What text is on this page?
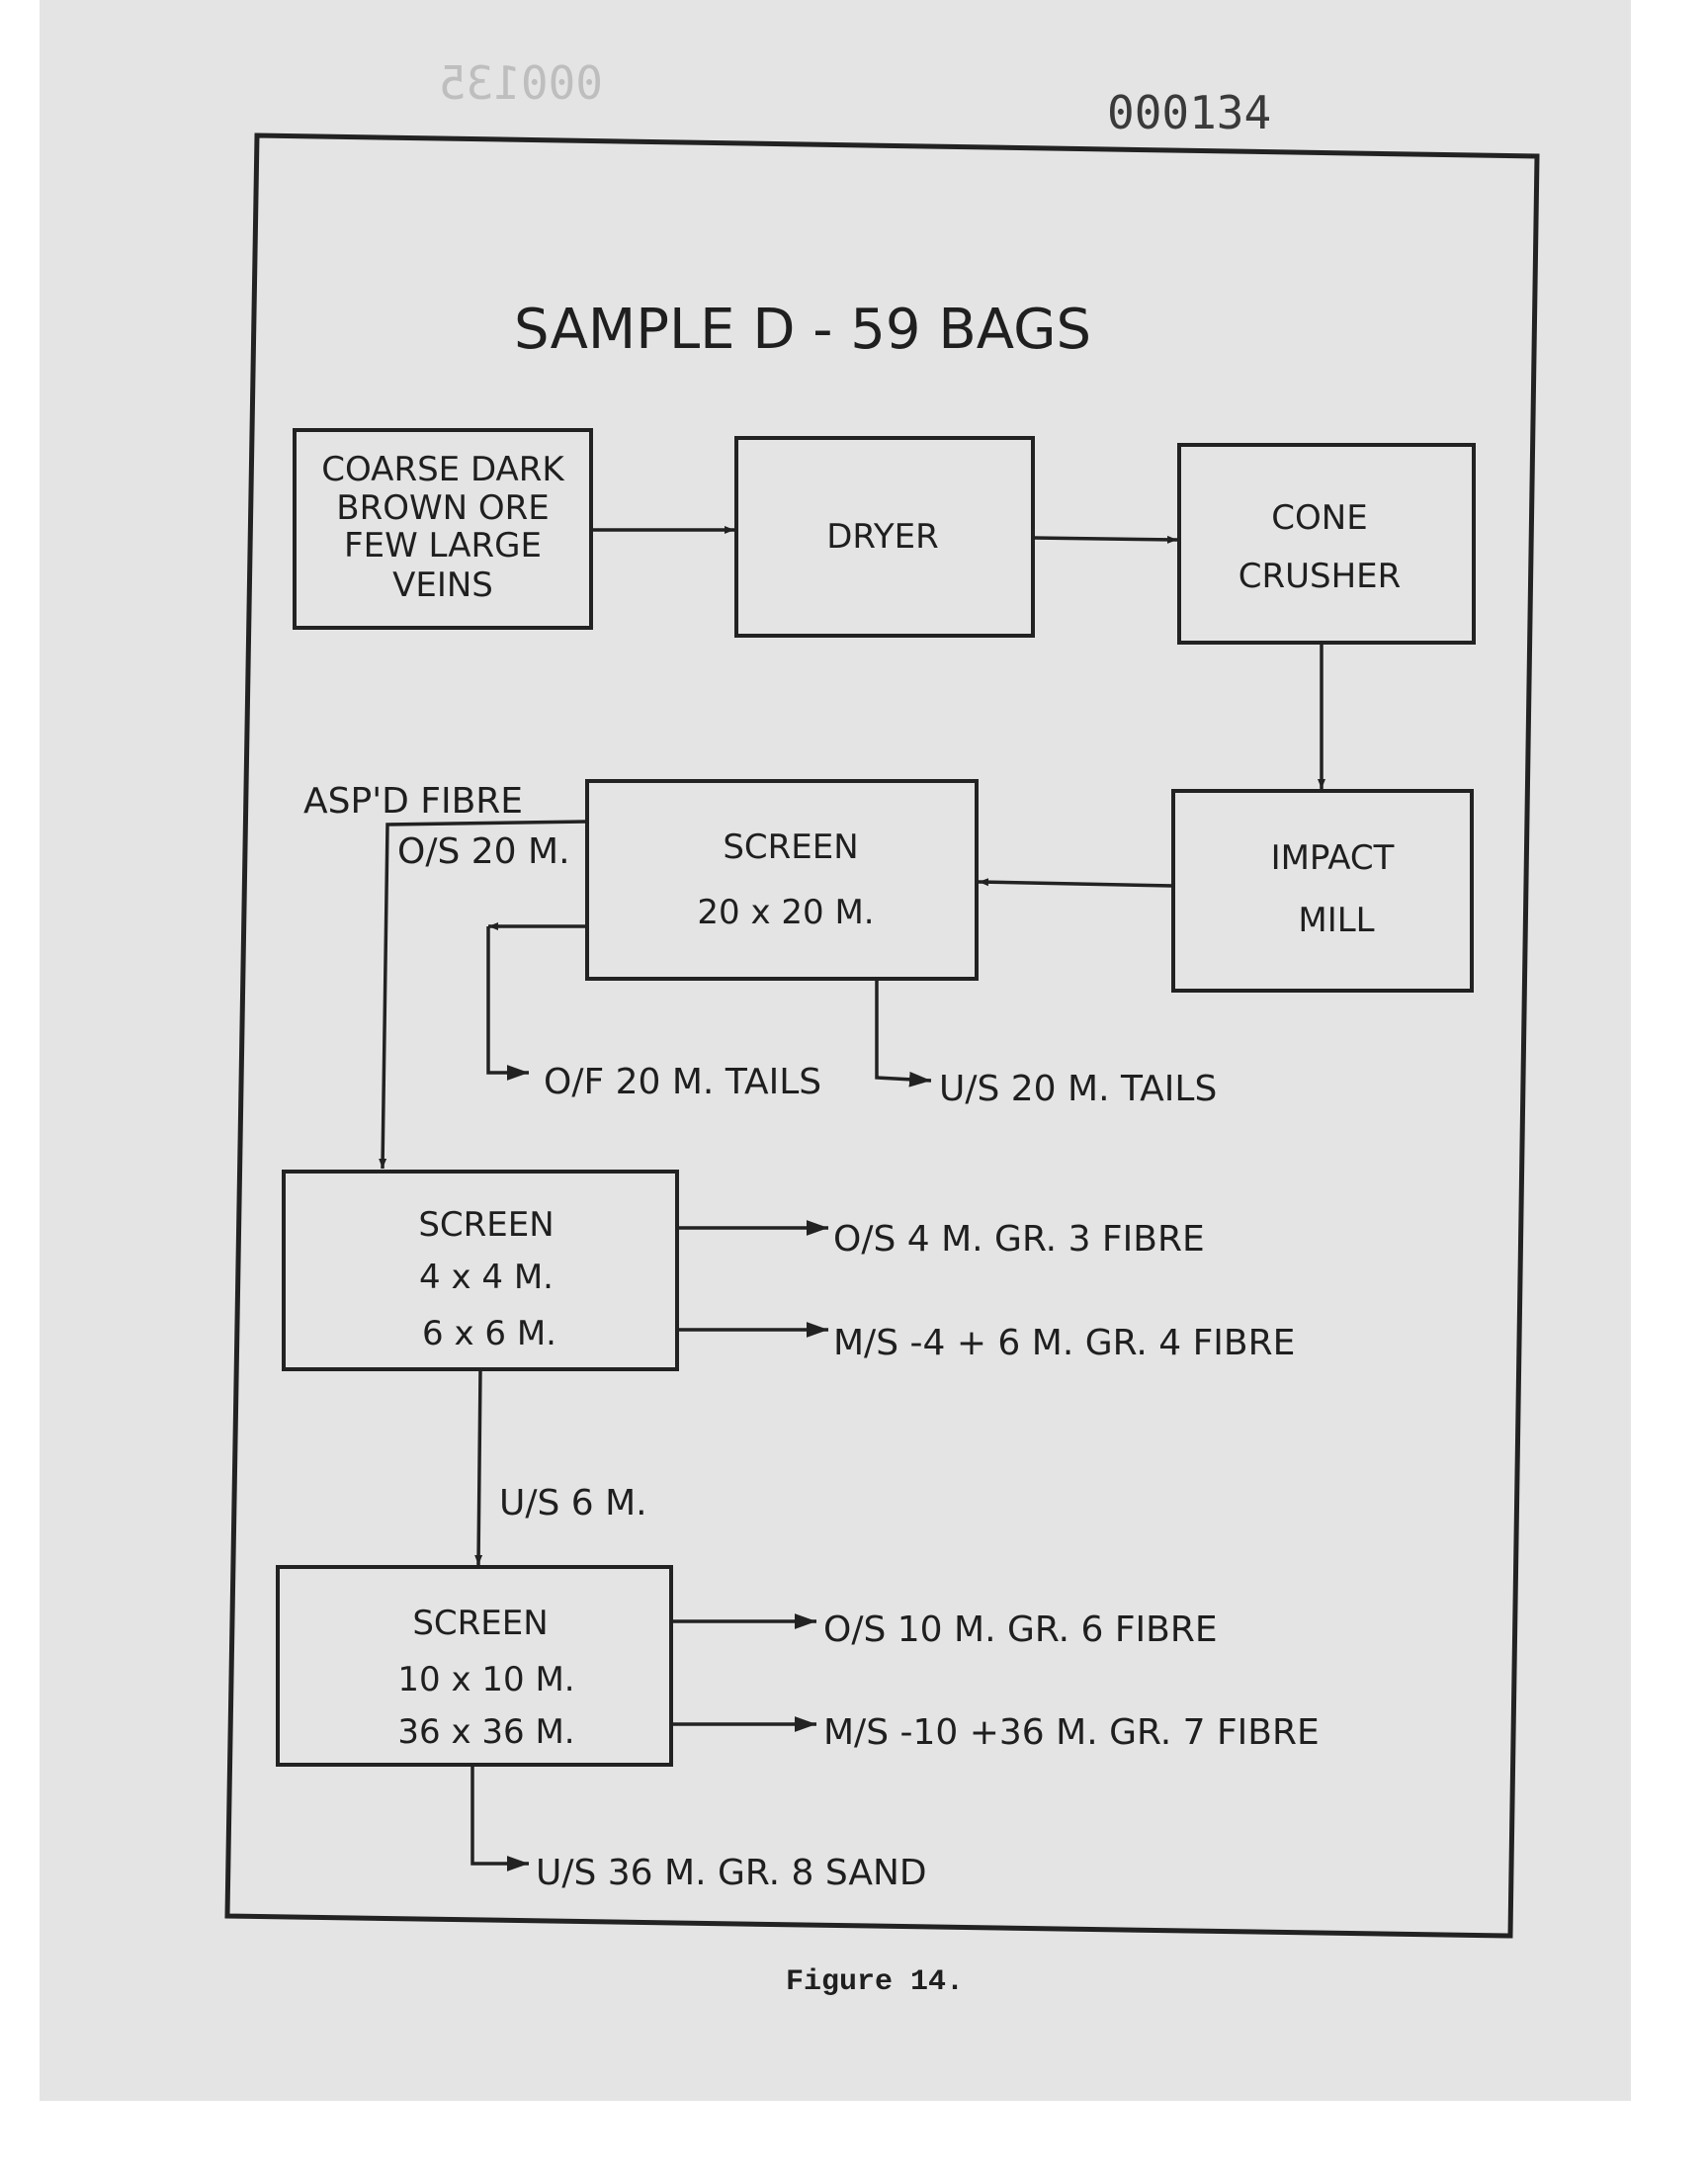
000135
000134
SAMPLE D - 59 BAGS
COARSE DARK
BROWN ORE
FEW LARGE
VEINS
DRYER	CONE
CRUSHER
IMPACT
MILL
SCREEN
20 x 20 M.
SCREEN
4 x 4 M.
6 x 6 M.
SCREEN
10 x 10 M.
36 x 36 M.
ASP'D FIBRE
O/S 20 M.
O/F 20 M. TAILS	U/S 20 M. TAILS
O/S 4 M. GR. 3 FIBRE
M/S -4 + 6 M. GR. 4 FIBRE
U/S 6 M.
O/S 10 M. GR. 6 FIBRE
M/S -10 +36 M. GR. 7 FIBRE
U/S 36 M. GR. 8 SAND
Figure 14.
